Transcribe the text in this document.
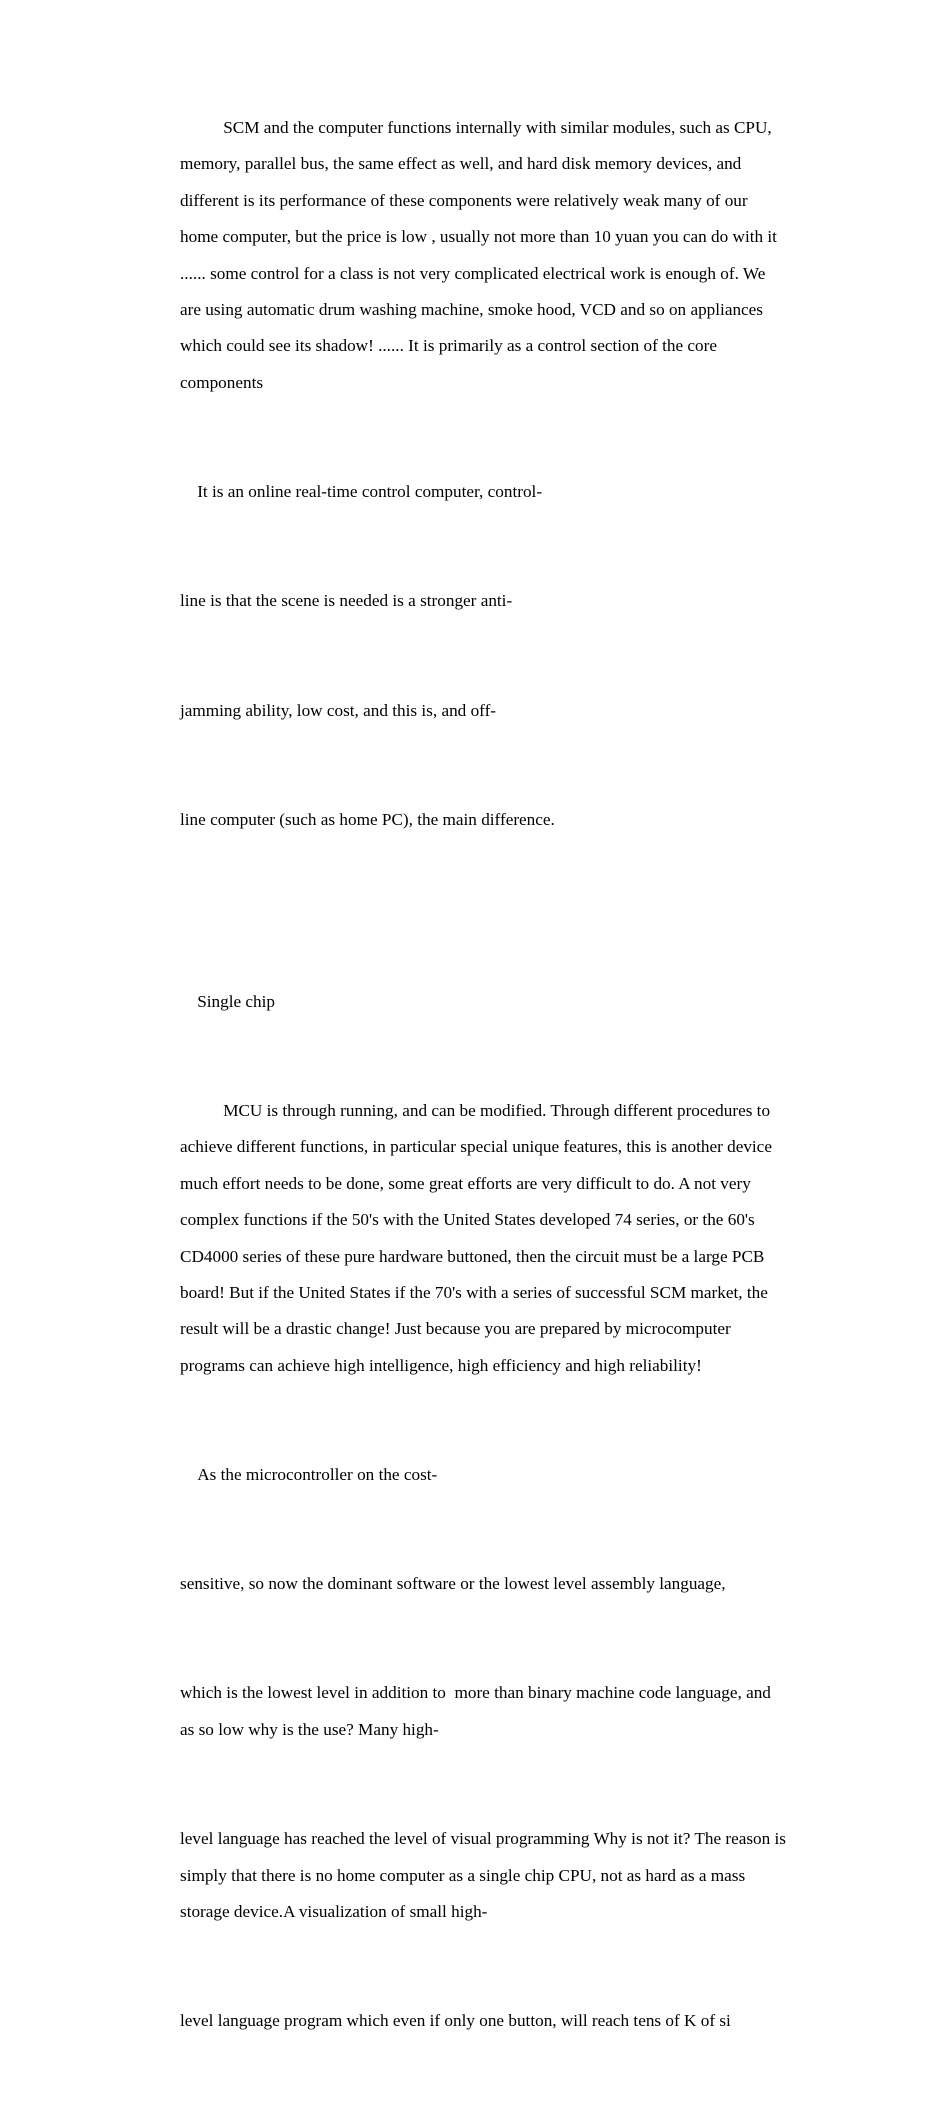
SCM and the computer functions internally with similar modules, such as CPU, memory, parallel bus, the same effect as well, and hard disk memory devices, and different is its performance of these components were relatively weak many of our home computer, but the price is low , usually not more than 10 yuan you can do with it ...... some control for a class is not very complicated electrical work is enough of. We are using automatic drum washing machine, smoke hood, VCD and so on appliances which could see its shadow! ...... It is primarily as a control section of the core components

It is an online real-time control computer, control-

line is that the scene is needed is a stronger anti-

jamming ability, low cost, and this is, and off-

line computer (such as home PC), the main difference.

Single chip

MCU is through running, and can be modified. Through different procedures to achieve different functions, in particular special unique features, this is another device much effort needs to be done, some great efforts are very difficult to do. A not very complex functions if the 50's with the United States developed 74 series, or the 60's CD4000 series of these pure hardware buttoned, then the circuit must be a large PCB board! But if the United States if the 70's with a series of successful SCM market, the result will be a drastic change! Just because you are prepared by microcomputer programs can achieve high intelligence, high efficiency and high reliability!

As the microcontroller on the cost-

sensitive, so now the dominant software or the lowest level assembly language,

which is the lowest level in addition to  more than binary machine code language, and as so low why is the use? Many high-

level language has reached the level of visual programming Why is not it? The reason is simply that there is no home computer as a single chip CPU, not as hard as a mass storage device.A visualization of small high-

level language program which even if only one button, will reach tens of K of si
